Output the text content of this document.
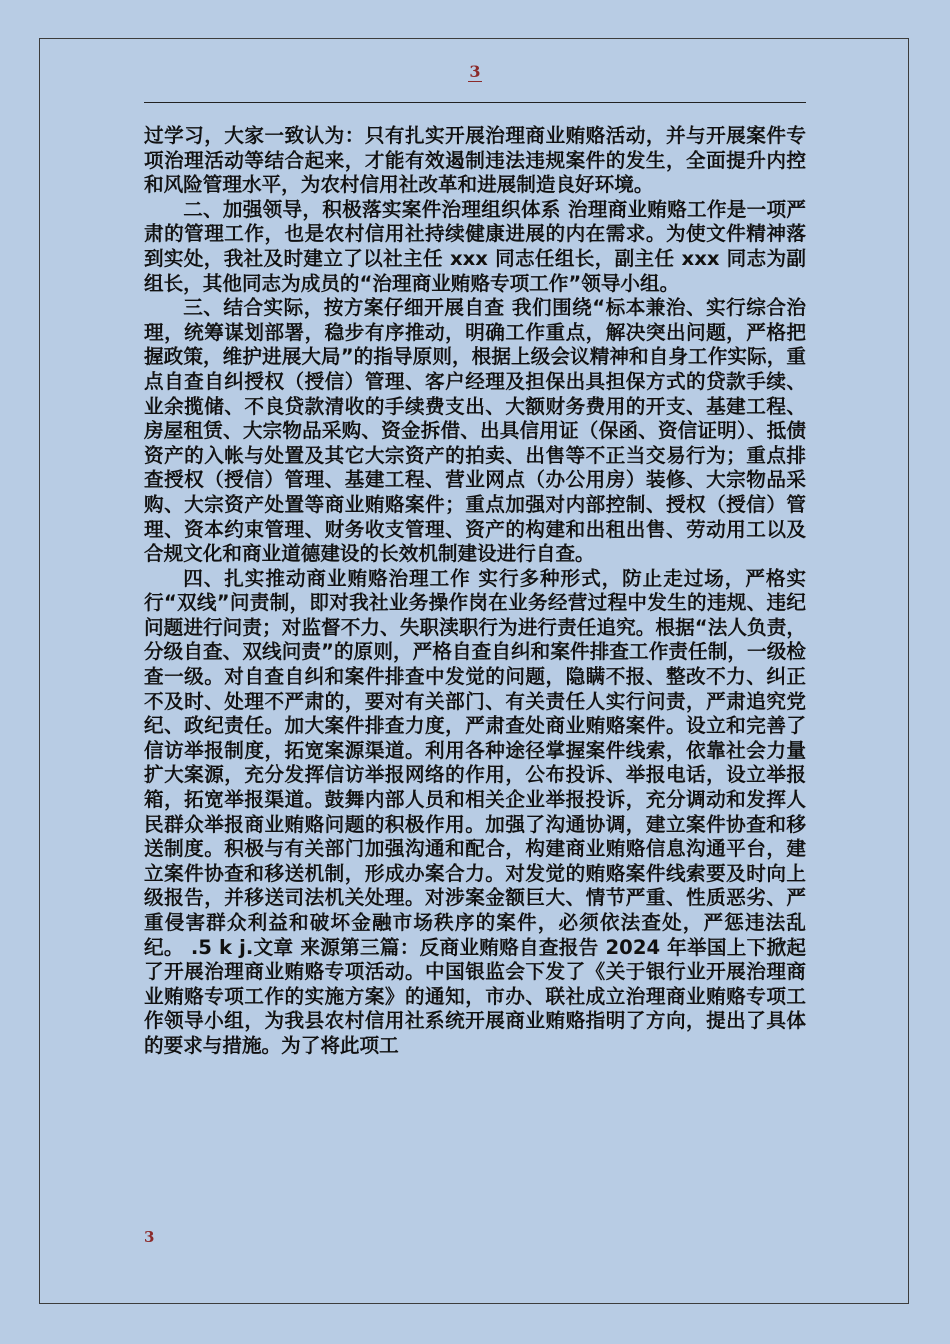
3

过学习，大家一致认为：只有扎实开展治理商业贿赂活动，并与开展案件专项治理活动等结合起来，才能有效遏制违法违规案件的发生，全面提升内控和风险管理水平，为农村信用社改革和进展制造良好环境。

二、加强领导，积极落实案件治理组织体系 治理商业贿赂工作是一项严肃的管理工作，也是农村信用社持续健康进展的内在需求。为使文件精神落到实处，我社及时建立了以社主任 xxx 同志任组长，副主任 xxx 同志为副组长，其他同志为成员的“治理商业贿赂专项工作”领导小组。

三、结合实际，按方案仔细开展自查 我们围绕“标本兼治、实行综合治理，统筹谋划部署，稳步有序推动，明确工作重点，解决突出问题，严格把握政策，维护进展大局”的指导原则，根据上级会议精神和自身工作实际，重点自查自纠授权（授信）管理、客户经理及担保出具担保方式的贷款手续、业余揽储、不良贷款清收的手续费支出、大额财务费用的开支、基建工程、房屋租赁、大宗物品采购、资金拆借、出具信用证（保函、资信证明）、抵债资产的入帐与处置及其它大宗资产的拍卖、出售等不正当交易行为；重点排查授权（授信）管理、基建工程、营业网点（办公用房）装修、大宗物品采购、大宗资产处置等商业贿赂案件；重点加强对内部控制、授权（授信）管理、资本约束管理、财务收支管理、资产的构建和出租出售、劳动用工以及合规文化和商业道德建设的长效机制建设进行自查。

四、扎实推动商业贿赂治理工作 实行多种形式，防止走过场，严格实行“双线”问责制，即对我社业务操作岗在业务经营过程中发生的违规、违纪问题进行问责；对监督不力、失职渎职行为进行责任追究。根据“法人负责，分级自查、双线问责”的原则，严格自查自纠和案件排查工作责任制，一级检查一级。对自查自纠和案件排查中发觉的问题，隐瞒不报、整改不力、纠正不及时、处理不严肃的，要对有关部门、有关责任人实行问责，严肃追究党纪、政纪责任。加大案件排查力度，严肃查处商业贿赂案件。设立和完善了信访举报制度，拓宽案源渠道。利用各种途径掌握案件线索，依靠社会力量扩大案源，充分发挥信访举报网络的作用，公布投诉、举报电话，设立举报箱，拓宽举报渠道。鼓舞内部人员和相关企业举报投诉，充分调动和发挥人民群众举报商业贿赂问题的积极作用。加强了沟通协调，建立案件协查和移送制度。积极与有关部门加强沟通和配合，构建商业贿赂信息沟通平台，建立案件协查和移送机制，形成办案合力。对发觉的贿赂案件线索要及时向上级报告，并移送司法机关处理。对涉案金额巨大、情节严重、性质恶劣、严重侵害群众利益和破坏金融市场秩序的案件，必须依法查处，严惩违法乱纪。 .5 k j.文章 来源第三篇：反商业贿赂自查报告 2024 年举国上下掀起了开展治理商业贿赂专项活动。中国银监会下发了《关于银行业开展治理商业贿赂专项工作的实施方案》的通知，市办、联社成立治理商业贿赂专项工作领导小组，为我县农村信用社系统开展商业贿赂指明了方向，提出了具体的要求与措施。为了将此项工

3
